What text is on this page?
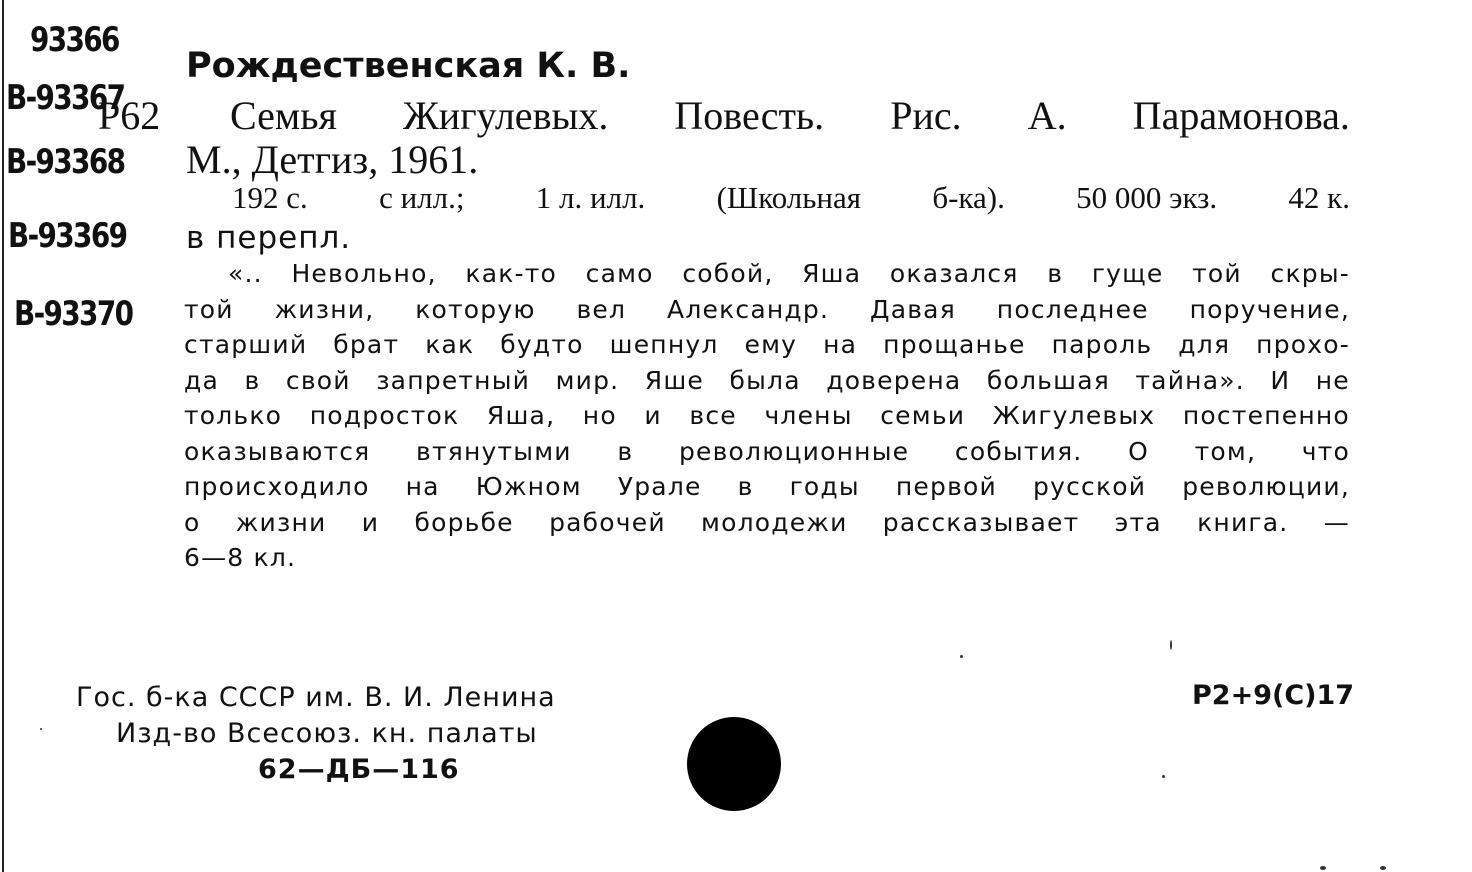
93366
B-93367
B-93368
B-93369
B-93370
Рождественская К. В.
Р62 Семья Жигулевых. Повесть. Рис. А. Парамонова.
М., Детгиз, 1961.
192 с. с илл.; 1 л. илл. (Школьная б-ка). 50 000 экз. 42 к.
в перепл.
«.. Невольно, как-то само собой, Яша оказался в гуще той скры-
той жизни, которую вел Александр. Давая последнее поручение,
старший брат как будто шепнул ему на прощанье пароль для прохо-
да в свой запретный мир. Яше была доверена большая тайна». И не
только подросток Яша, но и все члены семьи Жигулевых постепенно
оказываются втянутыми в революционные события. О том, что
происходило на Южном Урале в годы первой русской революции,
о жизни и борьбе рабочей молодежи рассказывает эта книга. —
6—8 кл.
Гос. б-ка СССР им. В. И. Ленина
Изд-во Всесоюз. кн. палаты
62—ДБ—116
Р2+9(С)17
